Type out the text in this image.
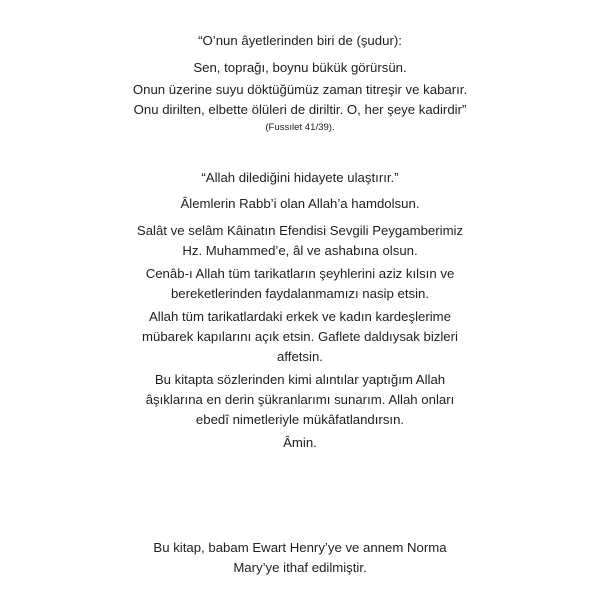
“O’nun âyetlerinden biri de (şudur):
Sen, toprağı, boynu bükük görürsün.
Onun üzerine suyu döktüğümüz zaman titreşir ve kabarır.
Onu dirilten, elbette ölüleri de diriltir. O, her şeye kadirdir”
(Fussılet 41/39).
“Allah dilediğini hidayete ulaştırır.”
Âlemlerin Rabb’i olan Allah’a hamdolsun.
Salât ve selâm Kâinatın Efendisi Sevgili Peygamberimiz
Hz. Muhammed’e, âl ve ashabına olsun.
Cenâb-ı Allah tüm tarikatların şeyhlerini aziz kılsın ve
bereketlerinden faydalanmamızı nasip etsin.
Allah tüm tarikatlardaki erkek ve kadın kardeşlerime
mübarek kapılarını açık etsin. Gaflete daldıysak bizleri
affetsin.
Bu kitapta sözlerinden kimi alıntılar yaptığım Allah
âşıklarına en derin şükranlarımı sunarım. Allah onları
ebedî nimetleriyle mükâfatlandırsın.
Âmin.
Bu kitap, babam Ewart Henry’ye ve annem Norma
Mary’ye ithaf edilmiştir.
